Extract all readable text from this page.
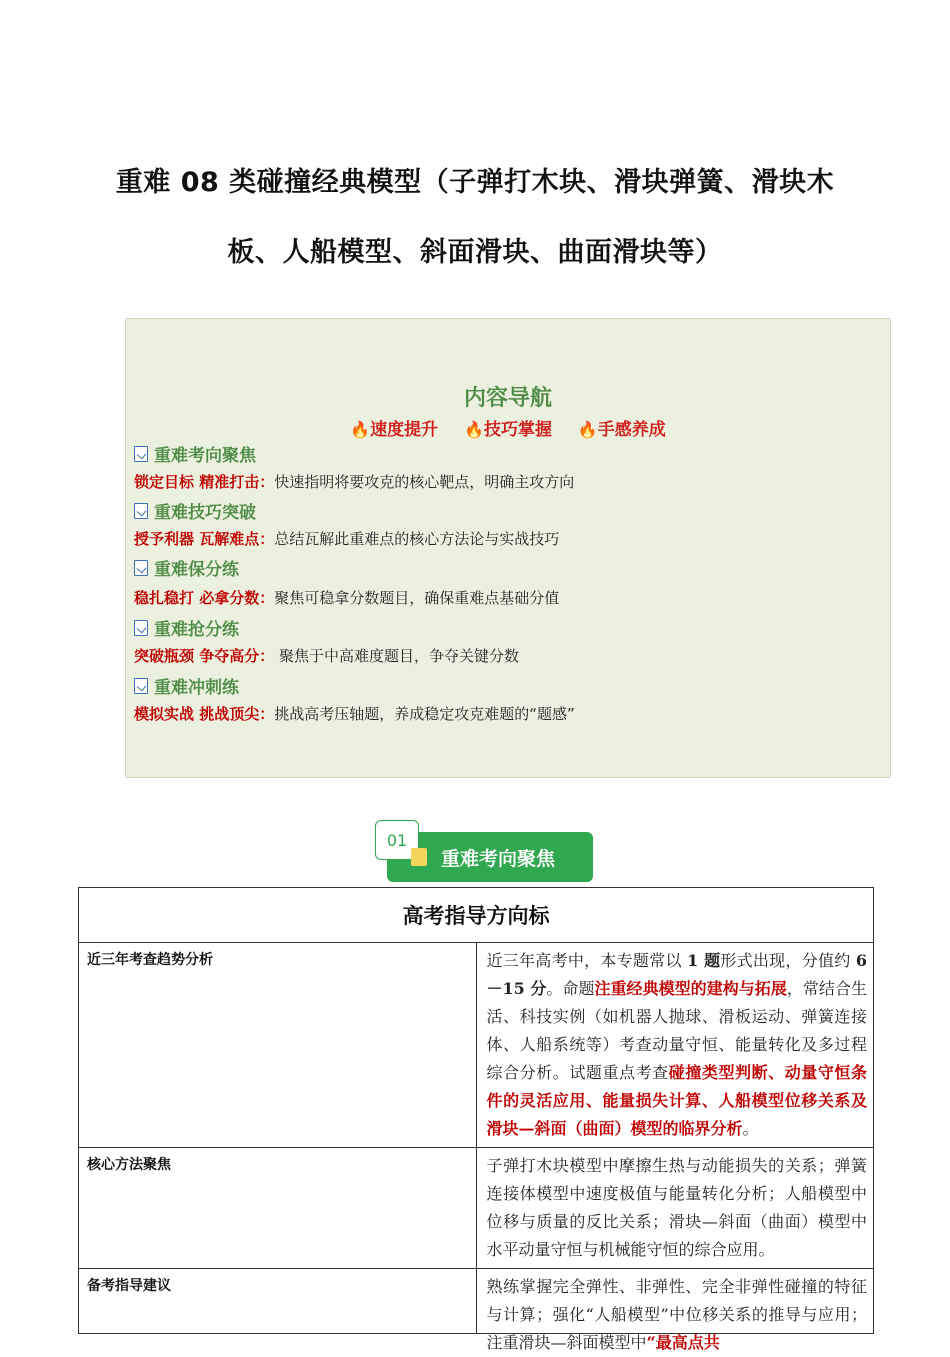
重难 08 类碰撞经典模型（子弹打木块、滑块弹簧、滑块木
板、人船模型、斜面滑块、曲面滑块等）
内容导航
🔥速度提升 🔥技巧掌握 🔥手感养成
重难考向聚焦
锁定目标 精准打击：快速指明将要攻克的核心靶点，明确主攻方向
重难技巧突破
授予利器 瓦解难点：总结瓦解此重难点的核心方法论与实战技巧
重难保分练
稳扎稳打 必拿分数：聚焦可稳拿分数题目，确保重难点基础分值
重难抢分练
突破瓶颈 争夺高分： 聚焦于中高难度题目，争夺关键分数
重难冲刺练
模拟实战 挑战顶尖：挑战高考压轴题，养成稳定攻克难题的“题感”
01
重难考向聚焦
高考指导方向标	
近三年考查趋势分析	近三年高考中，本专题常以 1 题形式出现，分值约 6－15 分。命题注重经典模型的建构与拓展，常结合生活、科技实例（如机器人抛球、滑板运动、弹簧连接体、人船系统等）考查动量守恒、能量转化及多过程综合分析。试题重点考查碰撞类型判断、动量守恒条件的灵活应用、能量损失计算、人船模型位移关系及滑块—斜面（曲面）模型的临界分析。
核心方法聚焦	子弹打木块模型中摩擦生热与动能损失的关系；弹簧连接体模型中速度极值与能量转化分析；人船模型中位移与质量的反比关系；滑块—斜面（曲面）模型中水平动量守恒与机械能守恒的综合应用。
备考指导建议	熟练掌握完全弹性、非弹性、完全非弹性碰撞的特征与计算；强化“人船模型”中位移关系的推导与应用；注重滑块—斜面模型中“最高点共
